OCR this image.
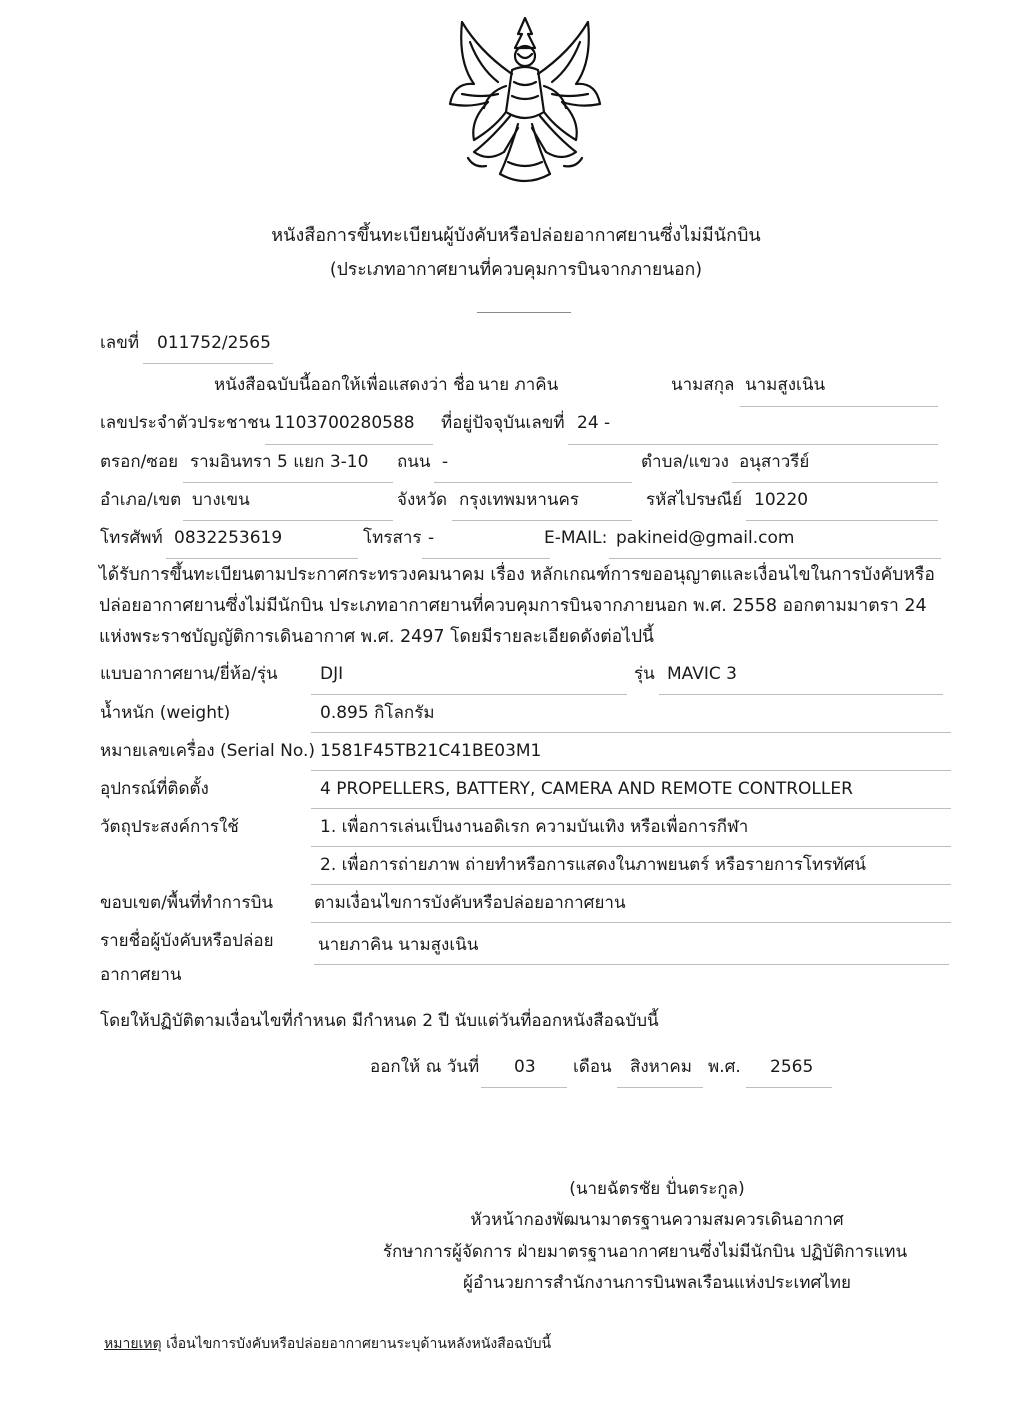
หนังสือการขึ้นทะเบียนผู้บังคับหรือปล่อยอากาศยานซึ่งไม่มีนักบิน
(ประเภทอากาศยานที่ควบคุมการบินจากภายนอก)
เลขที่ 011752/2565
หนังสือฉบับนี้ออกให้เพื่อแสดงว่า ชื่อ นาย ภาคิน	นามสกุล นามสูงเนิน
เลขประจำตัวประชาชน 1103700280588 ที่อยู่ปัจจุบันเลขที่ 24 -
ตรอก/ซอย รามอินทรา 5 แยก 3-10 ถนน -	ตำบล/แขวง อนุสาวรีย์
อำเภอ/เขต บางเขน	จังหวัด กรุงเทพมหานคร	รหัสไปรษณีย์ 10220
โทรศัพท์ 0832253619	โทรสาร -	E-MAIL: pakineid@gmail.com
ได้รับการขึ้นทะเบียนตามประกาศกระทรวงคมนาคม เรื่อง หลักเกณฑ์การขออนุญาตและเงื่อนไขในการบังคับหรือปล่อยอากาศยานซึ่งไม่มีนักบิน ประเภทอากาศยานที่ควบคุมการบินจากภายนอก พ.ศ. 2558 ออกตามมาตรา 24 แห่งพระราชบัญญัติการเดินอากาศ พ.ศ. 2497 โดยมีรายละเอียดดังต่อไปนี้
แบบอากาศยาน/ยี่ห้อ/รุ่น DJI	รุ่น MAVIC 3
น้ำหนัก (weight)	0.895 กิโลกรัม
หมายเลขเครื่อง (Serial No.) 1581F45TB21C41BE03M1
อุปกรณ์ที่ติดตั้ง	4 PROPELLERS, BATTERY, CAMERA AND REMOTE CONTROLLER
วัตถุประสงค์การใช้	1. เพื่อการเล่นเป็นงานอดิเรก ความบันเทิง หรือเพื่อการกีฬา
2. เพื่อการถ่ายภาพ ถ่ายทำหรือการแสดงในภาพยนตร์ หรือรายการโทรทัศน์
ขอบเขต/พื้นที่ทำการบิน ตามเงื่อนไขการบังคับหรือปล่อยอากาศยาน
รายชื่อผู้บังคับหรือปล่อย
อากาศยาน
นายภาคิน นามสูงเนิน
โดยให้ปฏิบัติตามเงื่อนไขที่กำหนด มีกำหนด 2 ปี นับแต่วันที่ออกหนังสือฉบับนี้
ออกให้ ณ วันที่ 03 เดือน สิงหาคม พ.ศ. 2565
(นายฉัตรชัย ปั่นตระกูล)
หัวหน้ากองพัฒนามาตรฐานความสมควรเดินอากาศ
รักษาการผู้จัดการ ฝ่ายมาตรฐานอากาศยานซึ่งไม่มีนักบิน ปฏิบัติการแทน
ผู้อำนวยการสำนักงานการบินพลเรือนแห่งประเทศไทย
หมายเหตุ เงื่อนไขการบังคับหรือปล่อยอากาศยานระบุด้านหลังหนังสือฉบับนี้
